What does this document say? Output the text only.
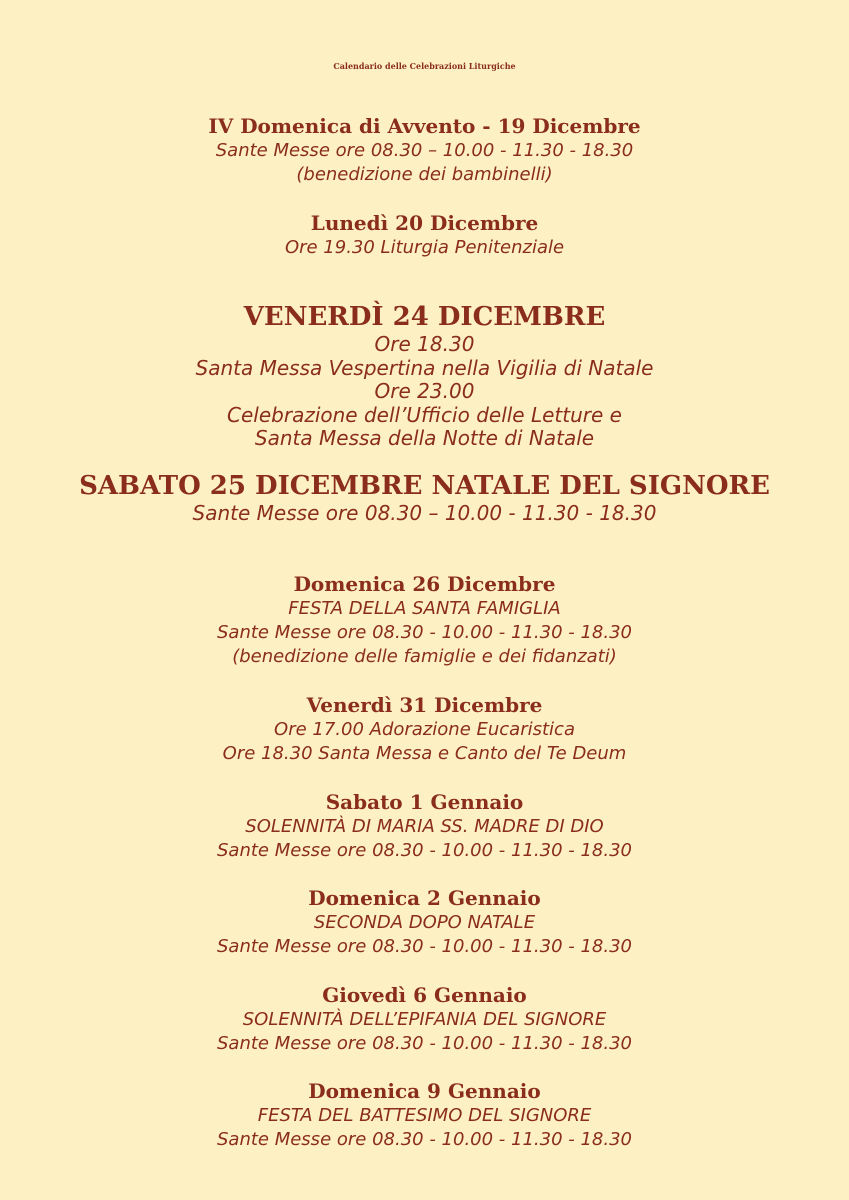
Calendario delle Celebrazioni Liturgiche
IV Domenica di Avvento - 19 Dicembre
Sante Messe ore 08.30 – 10.00 - 11.30 - 18.30
(benedizione dei bambinelli)
Lunedì 20 Dicembre
Ore 19.30 Liturgia Penitenziale
VENERDÌ 24 DICEMBRE
Ore 18.30
Santa Messa Vespertina nella Vigilia di Natale
Ore 23.00
Celebrazione dell’Ufficio delle Letture e
Santa Messa della Notte di Natale
SABATO 25 DICEMBRE NATALE DEL SIGNORE
Sante Messe ore 08.30 – 10.00 - 11.30 - 18.30
Domenica 26 Dicembre
FESTA DELLA SANTA FAMIGLIA
Sante Messe ore 08.30 - 10.00 - 11.30 - 18.30
(benedizione delle famiglie e dei fidanzati)
Venerdì 31 Dicembre
Ore 17.00 Adorazione Eucaristica
Ore 18.30 Santa Messa e Canto del Te Deum
Sabato 1 Gennaio
SOLENNITÀ DI MARIA SS. MADRE DI DIO
Sante Messe ore 08.30 - 10.00 - 11.30 - 18.30
Domenica 2 Gennaio
SECONDA DOPO NATALE
Sante Messe ore 08.30 - 10.00 - 11.30 - 18.30
Giovedì 6 Gennaio
SOLENNITÀ DELL’EPIFANIA DEL SIGNORE
Sante Messe ore 08.30 - 10.00 - 11.30 - 18.30
Domenica 9 Gennaio
FESTA DEL BATTESIMO DEL SIGNORE
Sante Messe ore 08.30 - 10.00 - 11.30 - 18.30
